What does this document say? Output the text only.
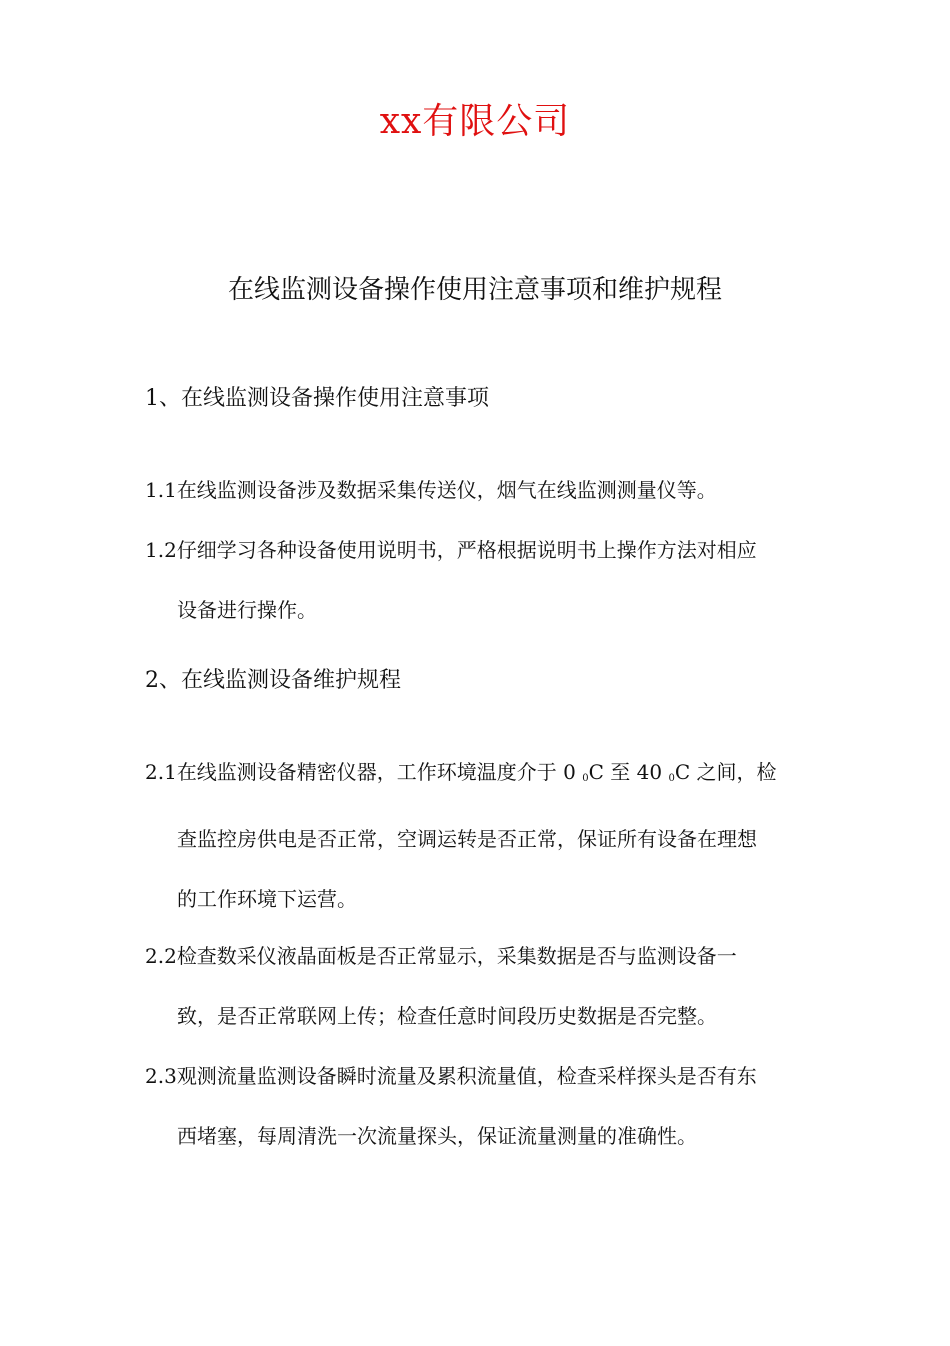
xx有限公司
在线监测设备操作使用注意事项和维护规程
1、在线监测设备操作使用注意事项
1.1在线监测设备涉及数据采集传送仪，烟气在线监测测量仪等。
1.2仔细学习各种设备使用说明书，严格根据说明书上操作方法对相应
设备进行操作。
2、在线监测设备维护规程
2.1在线监测设备精密仪器，工作环境温度介于 0 $_0$C 至 40 $_0$C 之间，检
查监控房供电是否正常，空调运转是否正常，保证所有设备在理想
的工作环境下运营。
2.2检查数采仪液晶面板是否正常显示，采集数据是否与监测设备一
致，是否正常联网上传；检查任意时间段历史数据是否完整。
2.3观测流量监测设备瞬时流量及累积流量值，检查采样探头是否有东
西堵塞，每周清洗一次流量探头，保证流量测量的准确性。
